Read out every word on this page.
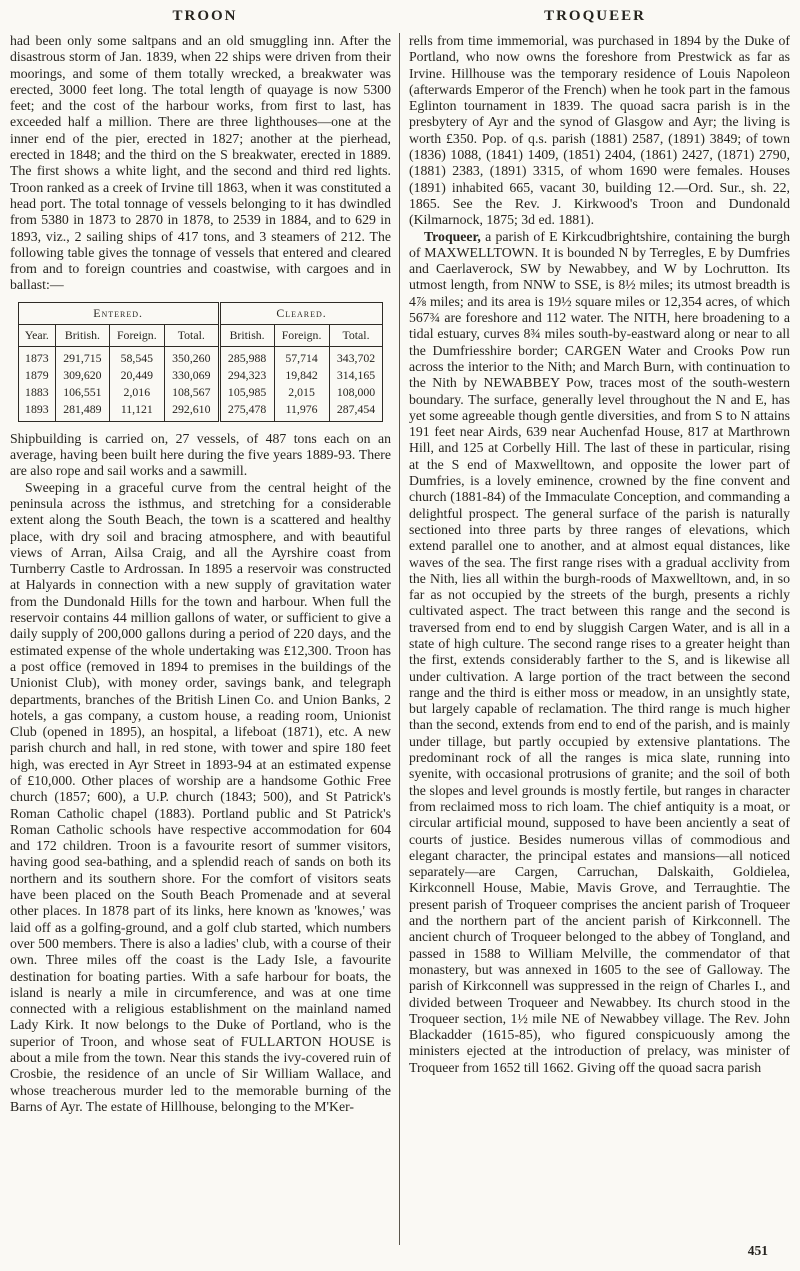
TROON	TROQUEER

had been only some saltpans and an old smuggling inn. After the disastrous storm of Jan. 1839, when 22 ships were driven from their moorings, and some of them totally wrecked, a breakwater was erected, 3000 feet long. The total length of quayage is now 5300 feet; and the cost of the harbour works, from first to last, has exceeded half a million. There are three lighthouses—one at the inner end of the pier, erected in 1827; another at the pierhead, erected in 1848; and the third on the S breakwater, erected in 1889. The first shows a white light, and the second and third red lights. Troon ranked as a creek of Irvine till 1863, when it was constituted a head port. The total tonnage of vessels belonging to it has dwindled from 5380 in 1873 to 2870 in 1878, to 2539 in 1884, and to 629 in 1893, viz., 2 sailing ships of 417 tons, and 3 steamers of 212. The following table gives the tonnage of vessels that entered and cleared from and to foreign countries and coastwise, with cargoes and in ballast:—

Entered.				Cleared.		
Year.	British.	Foreign.	Total.	British.	Foreign.	Total.
1873	291,715	58,545	350,260	285,988	57,714	343,702
1879	309,620	20,449	330,069	294,323	19,842	314,165
1883	106,551	2,016	108,567	105,985	2,015	108,000
1893	281,489	11,121	292,610	275,478	11,976	287,454

Shipbuilding is carried on, 27 vessels, of 487 tons each on an average, having been built here during the five years 1889-93. There are also rope and sail works and a sawmill.

Sweeping in a graceful curve from the central height of the peninsula across the isthmus, and stretching for a considerable extent along the South Beach, the town is a scattered and healthy place, with dry soil and bracing atmosphere, and with beautiful views of Arran, Ailsa Craig, and all the Ayrshire coast from Turnberry Castle to Ardrossan. In 1895 a reservoir was constructed at Halyards in connection with a new supply of gravitation water from the Dundonald Hills for the town and harbour. When full the reservoir contains 44 million gallons of water, or sufficient to give a daily supply of 200,000 gallons during a period of 220 days, and the estimated expense of the whole undertaking was £12,300. Troon has a post office (removed in 1894 to premises in the buildings of the Unionist Club), with money order, savings bank, and telegraph departments, branches of the British Linen Co. and Union Banks, 2 hotels, a gas company, a custom house, a reading room, Unionist Club (opened in 1895), an hospital, a lifeboat (1871), etc. A new parish church and hall, in red stone, with tower and spire 180 feet high, was erected in Ayr Street in 1893-94 at an estimated expense of £10,000. Other places of worship are a handsome Gothic Free church (1857; 600), a U.P. church (1843; 500), and St Patrick's Roman Catholic chapel (1883). Portland public and St Patrick's Roman Catholic schools have respective accommodation for 604 and 172 children. Troon is a favourite resort of summer visitors, having good sea-bathing, and a splendid reach of sands on both its northern and its southern shore. For the comfort of visitors seats have been placed on the South Beach Promenade and at several other places. In 1878 part of its links, here known as 'knowes,' was laid off as a golfing-ground, and a golf club started, which numbers over 500 members. There is also a ladies' club, with a course of their own. Three miles off the coast is the Lady Isle, a favourite destination for boating parties. With a safe harbour for boats, the island is nearly a mile in circumference, and was at one time connected with a religious establishment on the mainland named Lady Kirk. It now belongs to the Duke of Portland, who is the superior of Troon, and whose seat of FULLARTON HOUSE is about a mile from the town. Near this stands the ivy-covered ruin of Crosbie, the residence of an uncle of Sir William Wallace, and whose treacherous murder led to the memorable burning of the Barns of Ayr. The estate of Hillhouse, belonging to the M'Ker-

rells from time immemorial, was purchased in 1894 by the Duke of Portland, who now owns the foreshore from Prestwick as far as Irvine. Hillhouse was the temporary residence of Louis Napoleon (afterwards Emperor of the French) when he took part in the famous Eglinton tournament in 1839. The quoad sacra parish is in the presbytery of Ayr and the synod of Glasgow and Ayr; the living is worth £350. Pop. of q.s. parish (1881) 2587, (1891) 3849; of town (1836) 1088, (1841) 1409, (1851) 2404, (1861) 2427, (1871) 2790, (1881) 2383, (1891) 3315, of whom 1690 were females. Houses (1891) inhabited 665, vacant 30, building 12.—Ord. Sur., sh. 22, 1865. See the Rev. J. Kirkwood's Troon and Dundonald (Kilmarnock, 1875; 3d ed. 1881).

Troqueer, a parish of E Kirkcudbrightshire, containing the burgh of MAXWELLTOWN. It is bounded N by Terregles, E by Dumfries and Caerlaverock, SW by Newabbey, and W by Lochrutton. Its utmost length, from NNW to SSE, is 8½ miles; its utmost breadth is 4⅞ miles; and its area is 19½ square miles or 12,354 acres, of which 567¾ are foreshore and 112 water. The NITH, here broadening to a tidal estuary, curves 8¾ miles south-by-eastward along or near to all the Dumfriesshire border; CARGEN Water and Crooks Pow run across the interior to the Nith; and March Burn, with continuation to the Nith by NEWABBEY Pow, traces most of the south-western boundary. The surface, generally level throughout the N and E, has yet some agreeable though gentle diversities, and from S to N attains 191 feet near Airds, 639 near Auchenfad House, 817 at Marthrown Hill, and 125 at Corbelly Hill. The last of these in particular, rising at the S end of Maxwelltown, and opposite the lower part of Dumfries, is a lovely eminence, crowned by the fine convent and church (1881-84) of the Immaculate Conception, and commanding a delightful prospect. The general surface of the parish is naturally sectioned into three parts by three ranges of elevations, which extend parallel one to another, and at almost equal distances, like waves of the sea. The first range rises with a gradual acclivity from the Nith, lies all within the burgh-roods of Maxwelltown, and, in so far as not occupied by the streets of the burgh, presents a richly cultivated aspect. The tract between this range and the second is traversed from end to end by sluggish Cargen Water, and is all in a state of high culture. The second range rises to a greater height than the first, extends considerably farther to the S, and is likewise all under cultivation. A large portion of the tract between the second range and the third is either moss or meadow, in an unsightly state, but largely capable of reclamation. The third range is much higher than the second, extends from end to end of the parish, and is mainly under tillage, but partly occupied by extensive plantations. The predominant rock of all the ranges is mica slate, running into syenite, with occasional protrusions of granite; and the soil of both the slopes and level grounds is mostly fertile, but ranges in character from reclaimed moss to rich loam. The chief antiquity is a moat, or circular artificial mound, supposed to have been anciently a seat of courts of justice. Besides numerous villas of commodious and elegant character, the principal estates and mansions—all noticed separately—are Cargen, Carruchan, Dalskaith, Goldielea, Kirkconnell House, Mabie, Mavis Grove, and Terraughtie. The present parish of Troqueer comprises the ancient parish of Troqueer and the northern part of the ancient parish of Kirkconnell. The ancient church of Troqueer belonged to the abbey of Tongland, and passed in 1588 to William Melville, the commendator of that monastery, but was annexed in 1605 to the see of Galloway. The parish of Kirkconnell was suppressed in the reign of Charles I., and divided between Troqueer and Newabbey. Its church stood in the Troqueer section, 1½ mile NE of Newabbey village. The Rev. John Blackadder (1615-85), who figured conspicuously among the ministers ejected at the introduction of prelacy, was minister of Troqueer from 1652 till 1662. Giving off the quoad sacra parish

451
